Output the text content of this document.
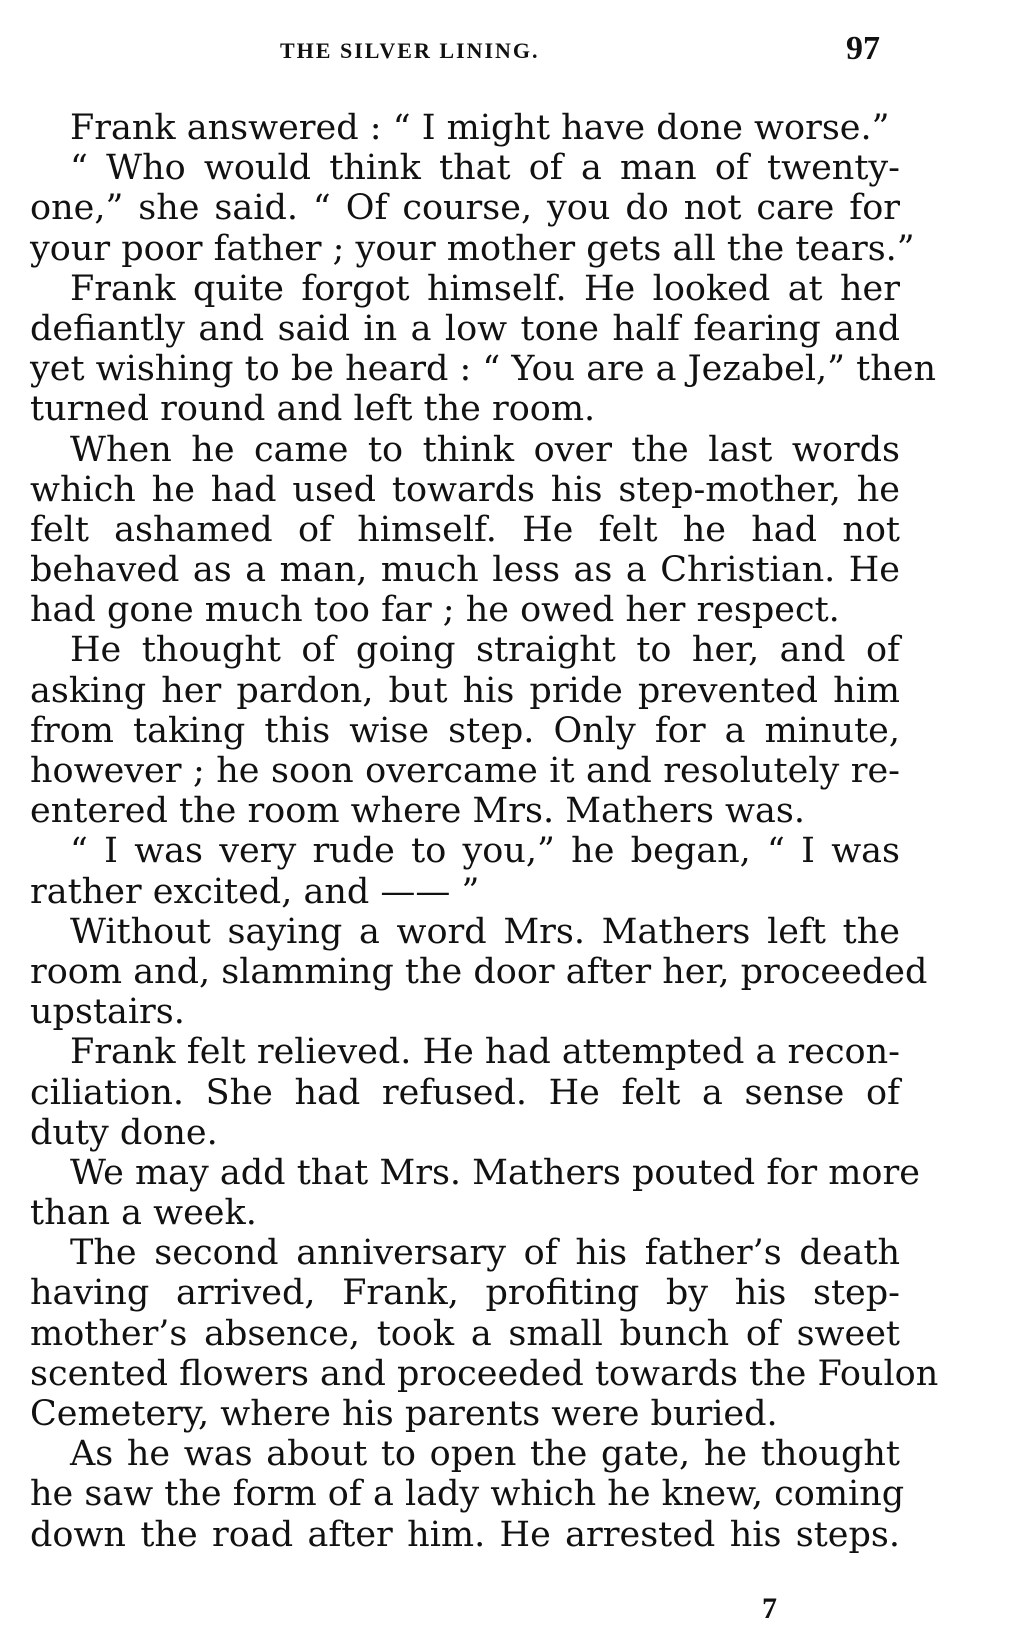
THE SILVER LINING.	97
Frank answered : “ I might have done worse.”
“ Who would think that of a man of twenty-
one,” she said. “ Of course, you do not care for
your poor father ; your mother gets all the tears.”
Frank quite forgot himself. He looked at her
defiantly and said in a low tone half fearing and
yet wishing to be heard : “ You are a Jezabel,” then
turned round and left the room.
When he came to think over the last words
which he had used towards his step-mother, he
felt ashamed of himself. He felt he had not
behaved as a man, much less as a Christian. He
had gone much too far ; he owed her respect.
He thought of going straight to her, and of
asking her pardon, but his pride prevented him
from taking this wise step. Only for a minute,
however ; he soon overcame it and resolutely re-
entered the room where Mrs. Mathers was.
“ I was very rude to you,” he began, “ I was
rather excited, and —— ”
Without saying a word Mrs. Mathers left the
room and, slamming the door after her, proceeded
upstairs.
Frank felt relieved. He had attempted a recon-
ciliation. She had refused. He felt a sense of
duty done.
We may add that Mrs. Mathers pouted for more
than a week.
The second anniversary of his father’s death
having arrived, Frank, profiting by his step-
mother’s absence, took a small bunch of sweet
scented flowers and proceeded towards the Foulon
Cemetery, where his parents were buried.
As he was about to open the gate, he thought
he saw the form of a lady which he knew, coming
down the road after him. He arrested his steps.
7
